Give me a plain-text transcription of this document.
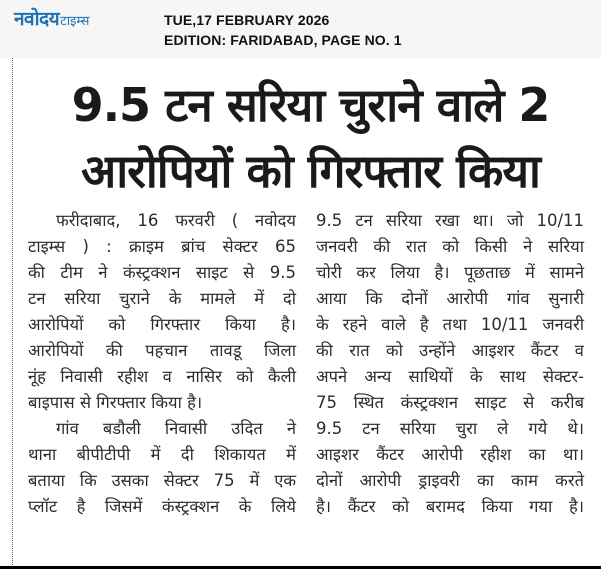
नवोदय टाइम्स	TUE,17 FEBRUARY 2026
EDITION: FARIDABAD, PAGE NO. 1
9.5 टन सरिया चुराने वाले 2
आरोपियों को गिरफ्तार किया
फरीदाबाद, 16 फरवरी ( नवोदय
टाइम्स ) : क्राइम ब्रांच सेक्टर 65
की टीम ने कंस्ट्रक्शन साइट से 9.5
टन सरिया चुराने के मामले में दो
आरोपियों को गिरफ्तार किया है।
आरोपियों की पहचान तावडू जिला
नूंह निवासी रहीश व नासिर को कैली
बाइपास से गिरफ्तार किया है।
गांव बडौली निवासी उदित ने
थाना बीपीटीपी में दी शिकायत में
बताया कि उसका सेक्टर 75 में एक
प्लॉट है जिसमें कंस्ट्रक्शन के लिये
9.5 टन सरिया रखा था। जो 10/11
जनवरी की रात को किसी ने सरिया
चोरी कर लिया है। पूछताछ में सामने
आया कि दोनों आरोपी गांव सुनारी
के रहने वाले है तथा 10/11 जनवरी
की रात को उन्होंने आइशर कैंटर व
अपने अन्य साथियों के साथ सेक्टर-
75 स्थित कंस्ट्रक्शन साइट से करीब
9.5 टन सरिया चुरा ले गये थे।
आइशर कैंटर आरोपी रहीश का था।
दोनों आरोपी ड्राइवरी का काम करते
है। कैंटर को बरामद किया गया है।
